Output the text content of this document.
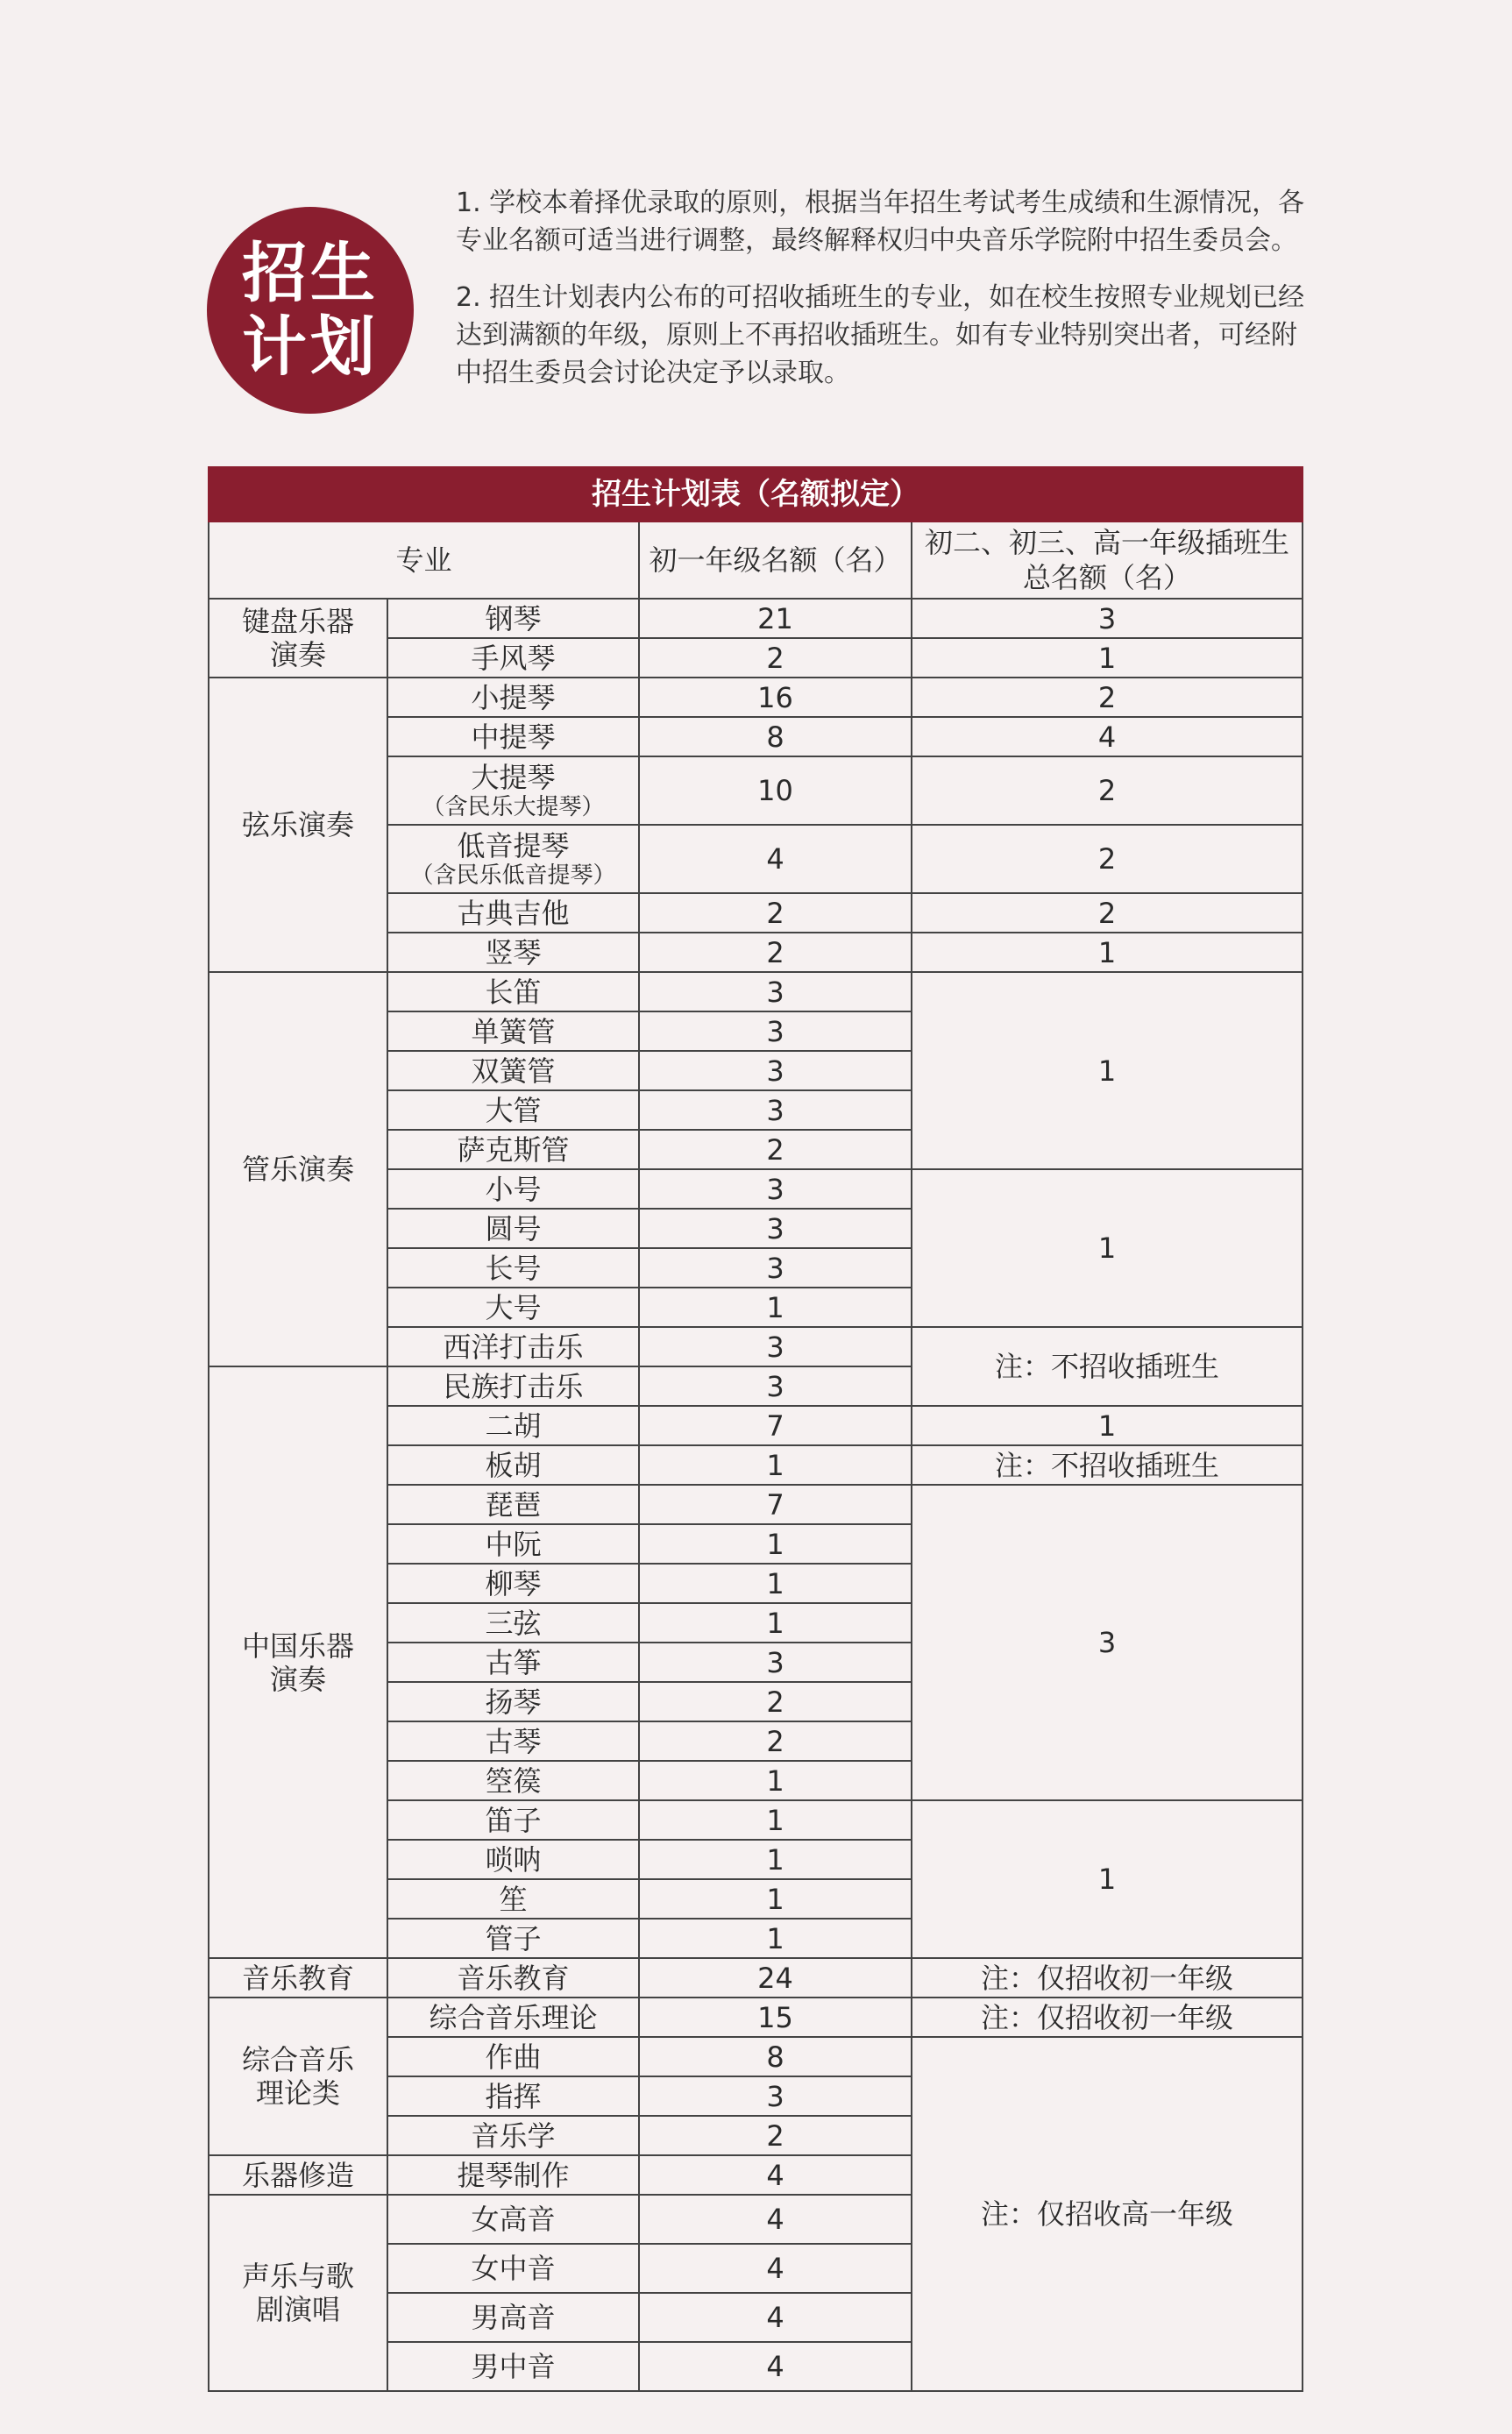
招生
计划

1. 学校本着择优录取的原则，根据当年招生考试考生成绩和生源情况，各专业名额可适当进行调整，最终解释权归中央音乐学院附中招生委员会。

2. 招生计划表内公布的可招收插班生的专业，如在校生按照专业规划已经达到满额的年级，原则上不再招收插班生。如有专业特别突出者，可经附中招生委员会讨论决定予以录取。

招生计划表（名额拟定）			
专业		初一年级名额（名）	初二、初三、高一年级插班生总名额（名）
键盘乐器演奏	钢琴	21	3

	手风琴	2	1
弦乐演奏	小提琴	16	2

	中提琴	8	4

	大提琴
（含民乐大提琴）	10	2

	低音提琴
（含民乐低音提琴）	4	2

	古典吉他	2	2

	竖琴	2	1
管乐演奏	长笛	3	1

	单簧管	3	

	双簧管	3	

	大管	3	

	萨克斯管	2	

	小号	3	1

	圆号	3	

	长号	3	

	大号	1	

	西洋打击乐	3	注：不招收插班生
中国乐器演奏	民族打击乐	3	

	二胡	7	1

	板胡	1	注：不招收插班生

	琵琶	7	3

	中阮	1	

	柳琴	1	

	三弦	1	

	古筝	3	

	扬琴	2	

	古琴	2	

	箜篌	1	

	笛子	1	1

	唢呐	1	

	笙	1	

	管子	1	
音乐教育	音乐教育	24	注：仅招收初一年级
综合音乐理论类	综合音乐理论	15	注：仅招收初一年级

	作曲	8	注：仅招收高一年级

	指挥	3	

	音乐学	2	
乐器修造	提琴制作	4	
声乐与歌剧演唱	女高音	4	

	女中音	4	

	男高音	4	

	男中音	4	
